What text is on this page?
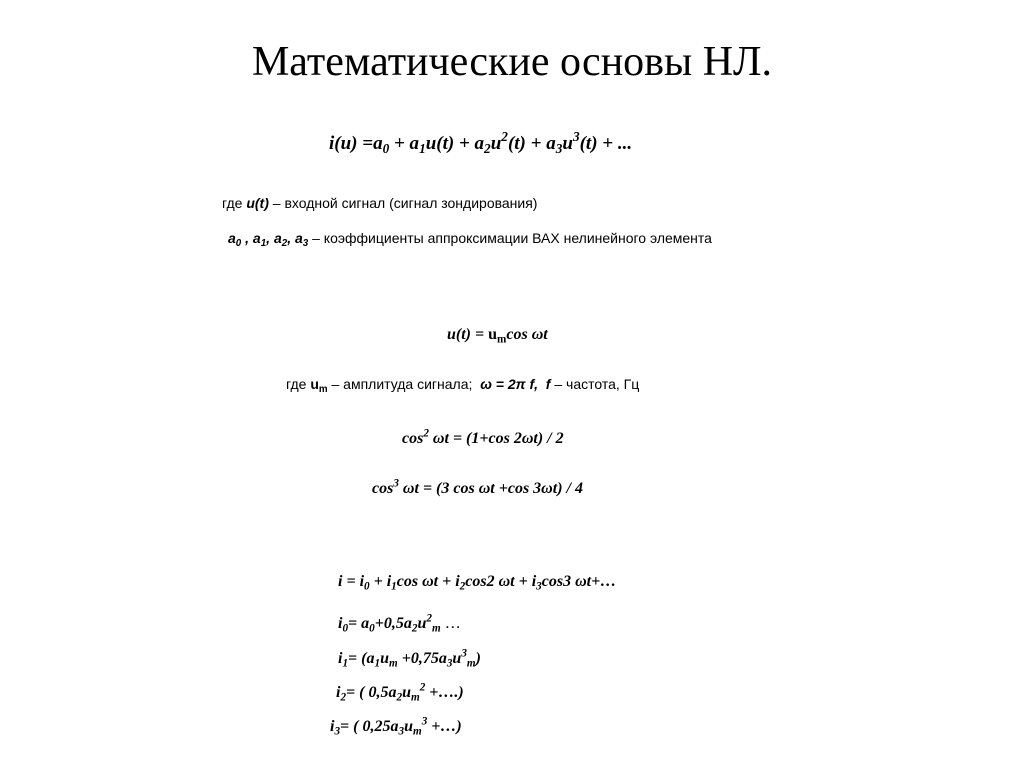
Математические основы НЛ.
$i(u) =a_0 + a_1u(t) + a_2u^2(t) + a_3u^3(t)$ + ...
где u(t) – входной сигнал (сигнал зондирования)
$a_0$ , $a_1$, $a_2$, $a_3$ – коэффициенты аппроксимации ВАХ нелинейного элемента
$u(t) = u_m\cos$ ωt
где $u_m$ – амплитуда сигнала;  ω = 2π f,  f – частота, Гц
$\cos^2 \omega t = (1+\cos$ 2ωt) / 2
$\cos^3 \omega t = (3$ cos ωt +cos 3ωt) / 4
$i = i_0 + i_1\cos$ $\omega t + i_2\cos 2$ $\omega t + i_3\cos 3$ ωt+…
$i_0= a_0+0,5a_2u^2_m$ …
$i_1= (a_1u_m +0,75a_3u^3_m)$
$i_2=$ ( $0,5a_2u_m^2$ +….)
$i_3=$ ( $0,25a_3u_m^3$ +…)
